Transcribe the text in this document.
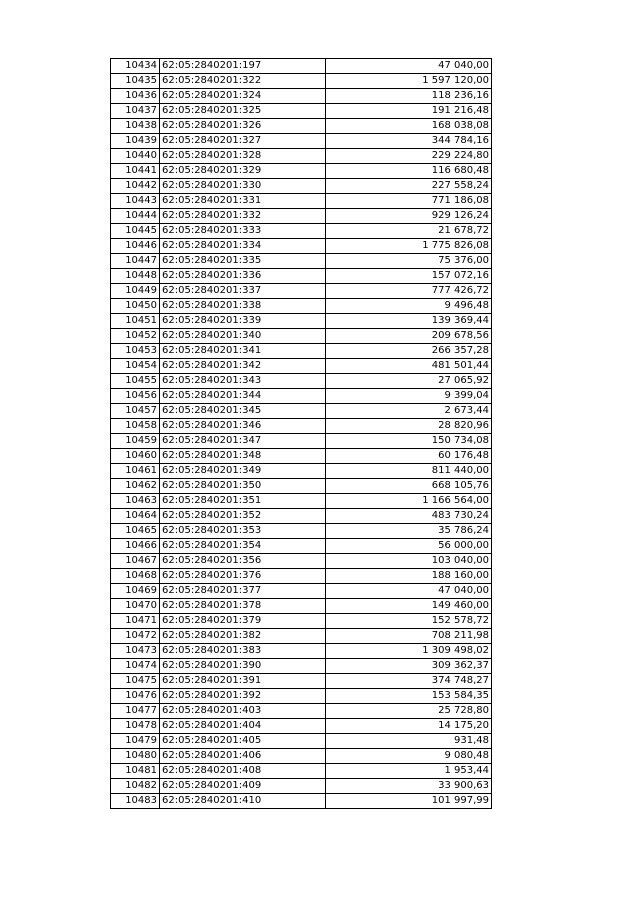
10434	62:05:2840201:197	47 040,00
10435	62:05:2840201:322	1 597 120,00
10436	62:05:2840201:324	118 236,16
10437	62:05:2840201:325	191 216,48
10438	62:05:2840201:326	168 038,08
10439	62:05:2840201:327	344 784,16
10440	62:05:2840201:328	229 224,80
10441	62:05:2840201:329	116 680,48
10442	62:05:2840201:330	227 558,24
10443	62:05:2840201:331	771 186,08
10444	62:05:2840201:332	929 126,24
10445	62:05:2840201:333	21 678,72
10446	62:05:2840201:334	1 775 826,08
10447	62:05:2840201:335	75 376,00
10448	62:05:2840201:336	157 072,16
10449	62:05:2840201:337	777 426,72
10450	62:05:2840201:338	9 496,48
10451	62:05:2840201:339	139 369,44
10452	62:05:2840201:340	209 678,56
10453	62:05:2840201:341	266 357,28
10454	62:05:2840201:342	481 501,44
10455	62:05:2840201:343	27 065,92
10456	62:05:2840201:344	9 399,04
10457	62:05:2840201:345	2 673,44
10458	62:05:2840201:346	28 820,96
10459	62:05:2840201:347	150 734,08
10460	62:05:2840201:348	60 176,48
10461	62:05:2840201:349	811 440,00
10462	62:05:2840201:350	668 105,76
10463	62:05:2840201:351	1 166 564,00
10464	62:05:2840201:352	483 730,24
10465	62:05:2840201:353	35 786,24
10466	62:05:2840201:354	56 000,00
10467	62:05:2840201:356	103 040,00
10468	62:05:2840201:376	188 160,00
10469	62:05:2840201:377	47 040,00
10470	62:05:2840201:378	149 460,00
10471	62:05:2840201:379	152 578,72
10472	62:05:2840201:382	708 211,98
10473	62:05:2840201:383	1 309 498,02
10474	62:05:2840201:390	309 362,37
10475	62:05:2840201:391	374 748,27
10476	62:05:2840201:392	153 584,35
10477	62:05:2840201:403	25 728,80
10478	62:05:2840201:404	14 175,20
10479	62:05:2840201:405	931,48
10480	62:05:2840201:406	9 080,48
10481	62:05:2840201:408	1 953,44
10482	62:05:2840201:409	33 900,63
10483	62:05:2840201:410	101 997,99
